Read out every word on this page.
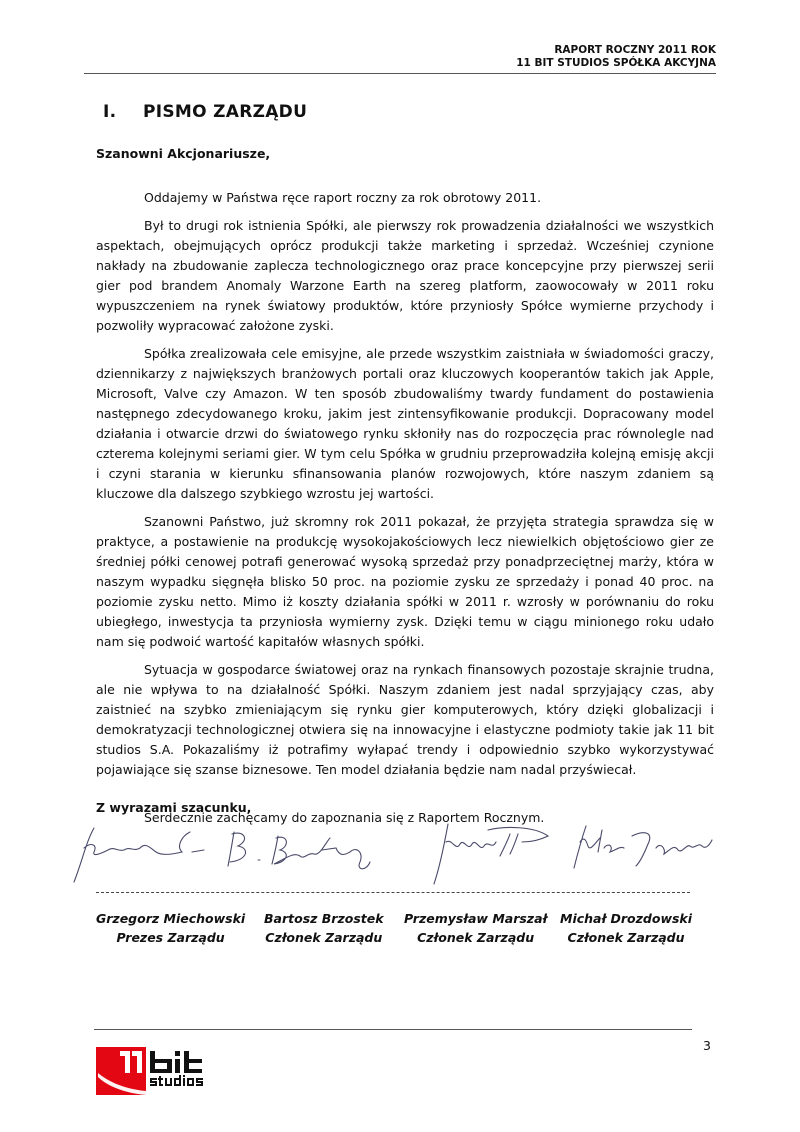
RAPORT ROCZNY 2011 ROK
11 BIT STUDIOS SPÓŁKA AKCYJNA
I. PISMO ZARZĄDU
Szanowni Akcjonariusze,

Oddajemy w Państwa ręce raport roczny za rok obrotowy 2011.

Był to drugi rok istnienia Spółki, ale pierwszy rok prowadzenia działalności we wszystkich aspektach, obejmujących oprócz produkcji także marketing i sprzedaż. Wcześniej czynione nakłady na zbudowanie zaplecza technologicznego oraz prace koncepcyjne przy pierwszej serii gier pod brandem Anomaly Warzone Earth na szereg platform, zaowocowały w 2011 roku wypuszczeniem na rynek światowy produktów, które przyniosły Spółce wymierne przychody i pozwoliły wypracować założone zyski.

Spółka zrealizowała cele emisyjne, ale przede wszystkim zaistniała w świadomości graczy, dziennikarzy z największych branżowych portali oraz kluczowych kooperantów takich jak Apple, Microsoft, Valve czy Amazon. W ten sposób zbudowaliśmy twardy fundament do postawienia następnego zdecydowanego kroku, jakim jest zintensyfikowanie produkcji. Dopracowany model działania i otwarcie drzwi do światowego rynku skłoniły nas do rozpoczęcia prac równolegle nad czterema kolejnymi seriami gier. W tym celu Spółka w grudniu przeprowadziła kolejną emisję akcji i czyni starania w kierunku sfinansowania planów rozwojowych, które naszym zdaniem są kluczowe dla dalszego szybkiego wzrostu jej wartości.

Szanowni Państwo, już skromny rok 2011 pokazał, że przyjęta strategia sprawdza się w praktyce, a postawienie na produkcję wysokojakościowych lecz niewielkich objętościowo gier ze średniej półki cenowej potrafi generować wysoką sprzedaż przy ponadprzeciętnej marży, która w naszym wypadku sięgnęła blisko 50 proc. na poziomie zysku ze sprzedaży i ponad 40 proc. na poziomie zysku netto. Mimo iż koszty działania spółki w 2011 r. wzrosły w porównaniu do roku ubiegłego, inwestycja ta przyniosła wymierny zysk. Dzięki temu w ciągu minionego roku udało nam się podwoić wartość kapitałów własnych spółki.

Sytuacja w gospodarce światowej oraz na rynkach finansowych pozostaje skrajnie trudna, ale nie wpływa to na działalność Spółki. Naszym zdaniem jest nadal sprzyjający czas, aby zaistnieć na szybko zmieniającym się rynku gier komputerowych, który dzięki globalizacji i demokratyzacji technologicznej otwiera się na innowacyjne i elastyczne podmioty takie jak 11 bit studios S.A. Pokazaliśmy iż potrafimy wyłapać trendy i odpowiednio szybko wykorzystywać pojawiające się szanse biznesowe. Ten model działania będzie nam nadal przyświecał.

Serdecznie zachęcamy do zapoznania się z Raportem Rocznym.

Z wyrazami szacunku,
Grzegorz Miechowski
Prezes Zarządu
Bartosz Brzostek
Członek Zarządu
Przemysław Marszał
Członek Zarządu
Michał Drozdowski
Członek Zarządu
3
